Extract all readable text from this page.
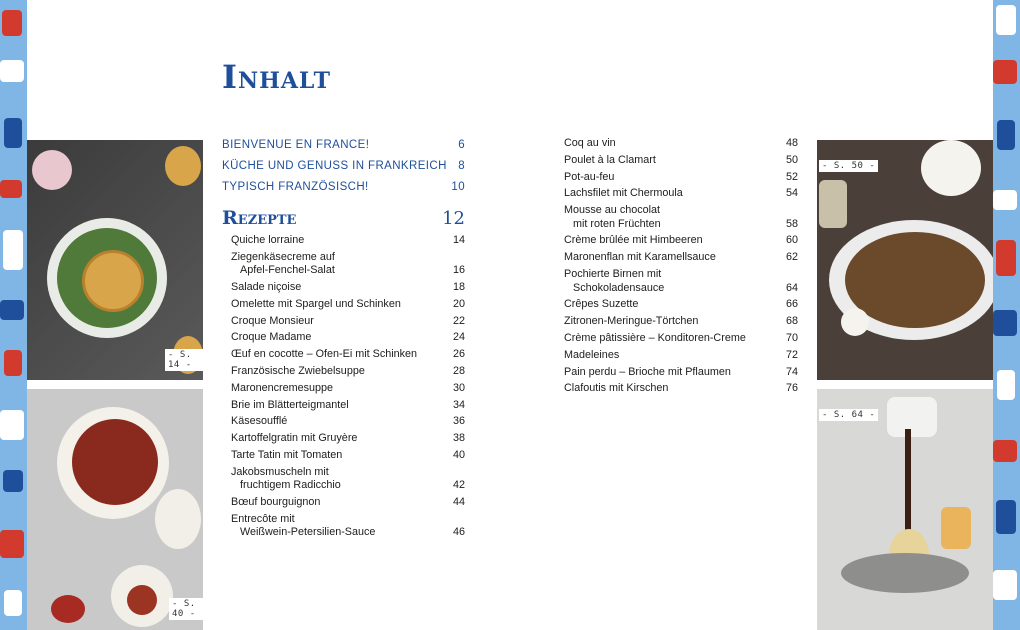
- S. 14 -
- S. 40 -
- S. 50 -
- S. 64 -
Inhalt
BIENVENUE EN FRANCE!	6
KÜCHE UND GENUSS IN FRANKREICH 8
TYPISCH FRANZÖSISCH!	10
Rezepte	12
Quiche lorraine	14
Ziegenkäsecreme auf
Apfel-Fenchel-Salat	16
Salade niçoise	18
Omelette mit Spargel und Schinken	20
Croque Monsieur	22
Croque Madame	24
Œuf en cocotte – Ofen-Ei mit Schinken	26
Französische Zwiebelsuppe	28
Maronencremesuppe	30
Brie im Blätterteigmantel	34
Käsesoufflé	36
Kartoffelgratin mit Gruyère	38
Tarte Tatin mit Tomaten	40
Jakobsmuscheln mit
fruchtigem Radicchio	42
Bœuf bourguignon	44
Entrecôte mit
Weißwein-Petersilien-Sauce	46
Coq au vin	48
Poulet à la Clamart	50
Pot-au-feu	52
Lachsfilet mit Chermoula	54
Mousse au chocolat
mit roten Früchten	58
Crème brûlée mit Himbeeren	60
Maronenflan mit Karamellsauce	62
Pochierte Birnen mit
Schokoladensauce	64
Crêpes Suzette	66
Zitronen-Meringue-Törtchen	68
Crème pâtissière – Konditoren-Creme	70
Madeleines	72
Pain perdu – Brioche mit Pflaumen	74
Clafoutis mit Kirschen	76
